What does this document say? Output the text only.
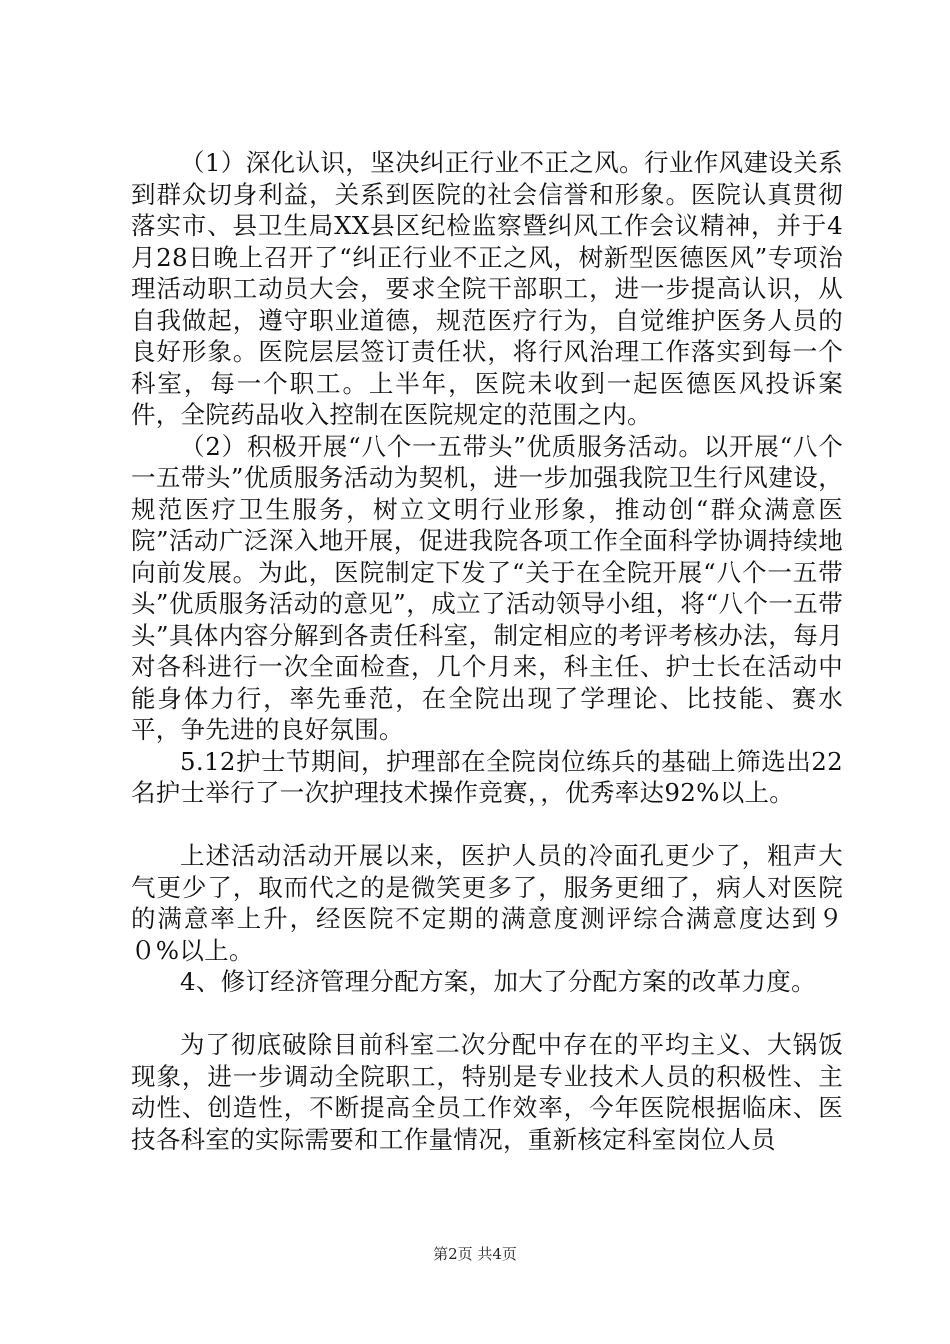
（1）深化认识，坚决纠正行业不正之风。行业作风建设关系到群众切身利益，关系到医院的社会信誉和形象。医院认真贯彻落实市、县卫生局XX县区纪检监察暨纠风工作会议精神，并于4月28日晚上召开了“纠正行业不正之风，树新型医德医风”专项治理活动职工动员大会，要求全院干部职工，进一步提高认识，从自我做起，遵守职业道德，规范医疗行为，自觉维护医务人员的良好形象。医院层层签订责任状，将行风治理工作落实到每一个科室，每一个职工。上半年，医院未收到一起医德医风投诉案件，全院药品收入控制在医院规定的范围之内。

（2）积极开展“八个一五带头”优质服务活动。以开展“八个一五带头”优质服务活动为契机，进一步加强我院卫生行风建设，规范医疗卫生服务，树立文明行业形象，推动创“群众满意医院”活动广泛深入地开展，促进我院各项工作全面科学协调持续地向前发展。为此，医院制定下发了“关于在全院开展“八个一五带头”优质服务活动的意见”，成立了活动领导小组，将“八个一五带头”具体内容分解到各责任科室，制定相应的考评考核办法，每月对各科进行一次全面检查，几个月来，科主任、护士长在活动中能身体力行，率先垂范，在全院出现了学理论、比技能、赛水平，争先进的良好氛围。

5.12护士节期间，护理部在全院岗位练兵的基础上筛选出22名护士举行了一次护理技术操作竞赛，，优秀率达92%以上。

上述活动活动开展以来，医护人员的冷面孔更少了，粗声大气更少了，取而代之的是微笑更多了，服务更细了，病人对医院的满意率上升，经医院不定期的满意度测评综合满意度达到９０%以上。

4、修订经济管理分配方案，加大了分配方案的改革力度。

为了彻底破除目前科室二次分配中存在的平均主义、大锅饭现象，进一步调动全院职工，特别是专业技术人员的积极性、主动性、创造性，不断提高全员工作效率，今年医院根据临床、医技各科室的实际需要和工作量情况，重新核定科室岗位人员

第2页 共4页
